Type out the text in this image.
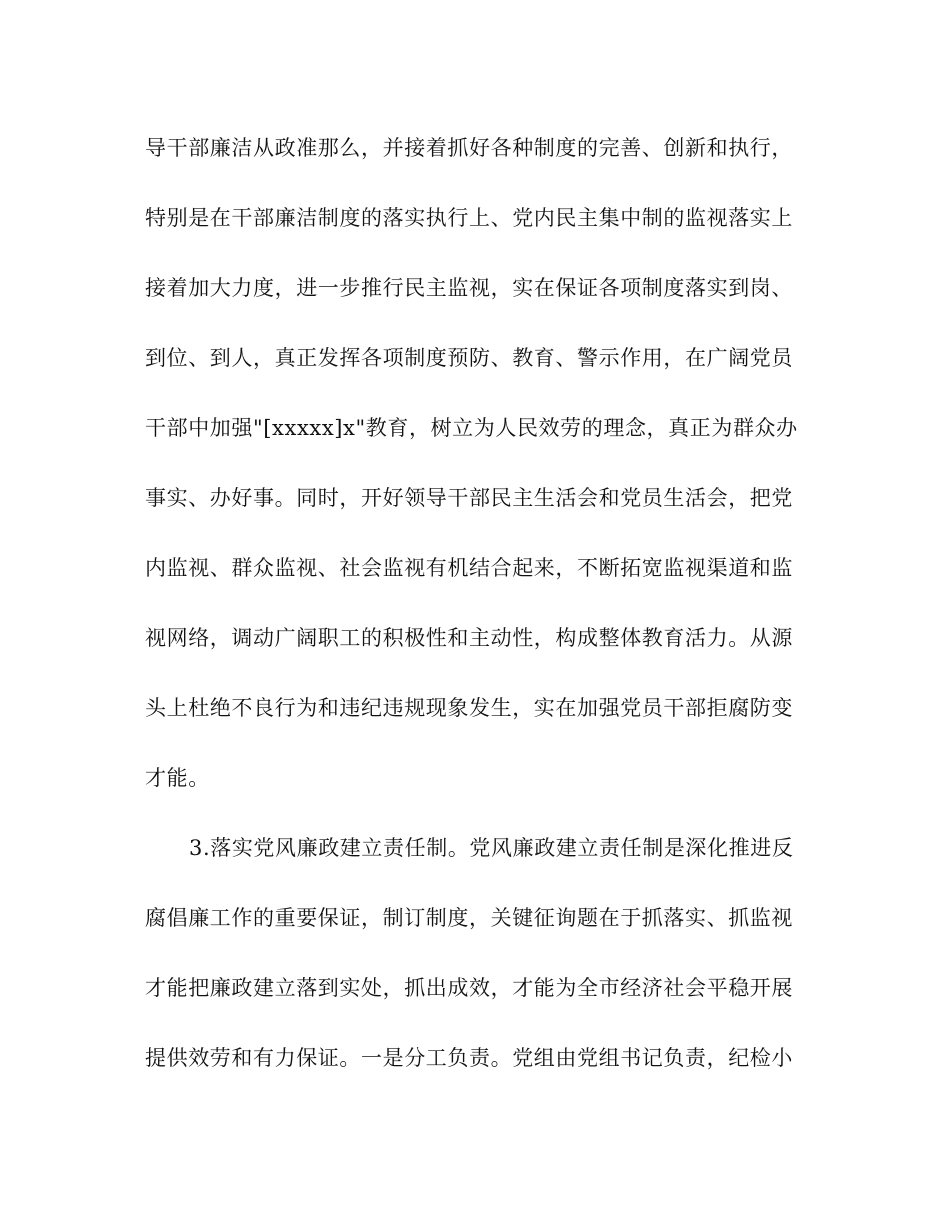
导干部廉洁从政准那么，并接着抓好各种制度的完善、创新和执行，
特别是在干部廉洁制度的落实执行上、党内民主集中制的监视落实上
接着加大力度，进一步推行民主监视，实在保证各项制度落实到岗、
到位、到人，真正发挥各项制度预防、教育、警示作用，在广阔党员
干部中加强"[xxxxx]x"教育，树立为人民效劳的理念，真正为群众办
事实、办好事。同时，开好领导干部民主生活会和党员生活会，把党
内监视、群众监视、社会监视有机结合起来，不断拓宽监视渠道和监
视网络，调动广阔职工的积极性和主动性，构成整体教育活力。从源
头上杜绝不良行为和违纪违规现象发生，实在加强党员干部拒腐防变
才能。
3.落实党风廉政建立责任制。党风廉政建立责任制是深化推进反
腐倡廉工作的重要保证，制订制度，关键征询题在于抓落实、抓监视
才能把廉政建立落到实处，抓出成效，才能为全市经济社会平稳开展
提供效劳和有力保证。一是分工负责。党组由党组书记负责，纪检小
